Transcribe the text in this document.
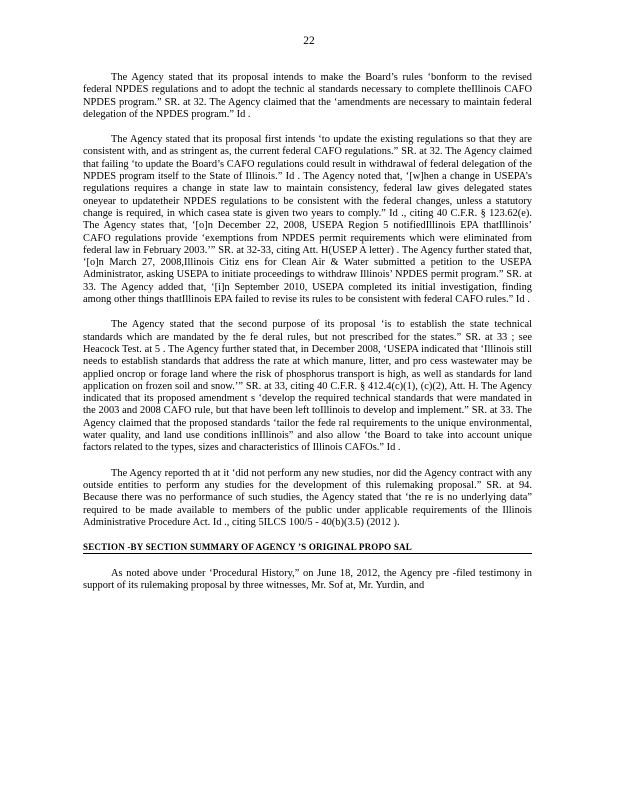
22

The Agency stated that its proposal intends to make the Board’s rules ‘bonform to the revised federal NPDES regulations and to adopt the technic al standards necessary to complete theIllinois CAFO NPDES program.” SR. at 32. The Agency claimed that the ‘amendments are necessary to maintain federal delegation of the NPDES program.” Id .

The Agency stated that its proposal first intends ‘to update the existing regulations so that they are consistent with, and as stringent as, the current federal CAFO regulations.” SR. at 32. The Agency claimed that failing ‘to update the Board’s CAFO regulations could result in withdrawal of federal delegation of the NPDES program itself to the State of Illinois.” Id . The Agency noted that, ‘[w]hen a change in USEPA’s regulations requires a change in state law to maintain consistency, federal law gives delegated states oneyear to updatetheir NPDES regulations to be consistent with the federal changes, unless a statutory change is required, in which casea state is given two years to comply.” Id ., citing 40 C.F.R. § 123.62(e). The Agency states that, ‘[o]n December 22, 2008, USEPA Region 5 notifiedIllinois EPA thatIllinois’ CAFO regulations provide ‘exemptions from NPDES permit requirements which were eliminated from federal law in February 2003.’” SR. at 32-33, citing Att. H(USEP A letter) . The Agency further stated that, ‘[o]n March 27, 2008,Illinois Citiz ens for Clean Air & Water submitted a petition to the USEPA Administrator, asking USEPA to initiate proceedings to withdraw Illinois’ NPDES permit program.” SR. at 33. The Agency added that, ‘[i]n September 2010, USEPA completed its initial investigation, finding among other things thatIllinois EPA failed to revise its rules to be consistent with federal CAFO rules.” Id .

The Agency stated that the second purpose of its proposal ‘is to establish the state technical standards which are mandated by the fe deral rules, but not prescribed for the states.” SR. at 33 ; see Heacock Test. at 5 . The Agency further stated that, in December 2008, ‘USEPA indicated that ‘Illinois still needs to establish standards that address the rate at which manure, litter, and pro cess wastewater may be applied oncrop or forage land where the risk of phosphorus transport is high, as well as standards for land application on frozen soil and snow.’” SR. at 33, citing 40 C.F.R. § 412.4(c)(1), (c)(2), Att. H. The Agency indicated that its proposed amendment s ‘develop the required technical standards that were mandated in the 2003 and 2008 CAFO rule, but that have been left toIllinois to develop and implement.” SR. at 33. The Agency claimed that the proposed standards ‘tailor the fede ral requirements to the unique environmental, water quality, and land use conditions inIllinois” and also allow ‘the Board to take into account unique factors related to the types, sizes and characteristics of Illinois CAFOs.” Id .

The Agency reported th at it ‘did not perform any new studies, nor did the Agency contract with any outside entities to perform any studies for the development of this rulemaking proposal.” SR. at 94. Because there was no performance of such studies, the Agency stated that ‘the re is no underlying data” required to be made available to members of the public under applicable requirements of the Illinois Administrative Procedure Act. Id ., citing 5ILCS 100/5 - 40(b)(3.5) (2012 ).

SECTION -BY SECTION SUMMARY OF AGENCY ’S ORIGINAL PROPO SAL

As noted above under ‘Procedural History,” on June 18, 2012, the Agency pre -filed testimony in support of its rulemaking proposal by three witnesses, Mr. Sof at, Mr. Yurdin, and
